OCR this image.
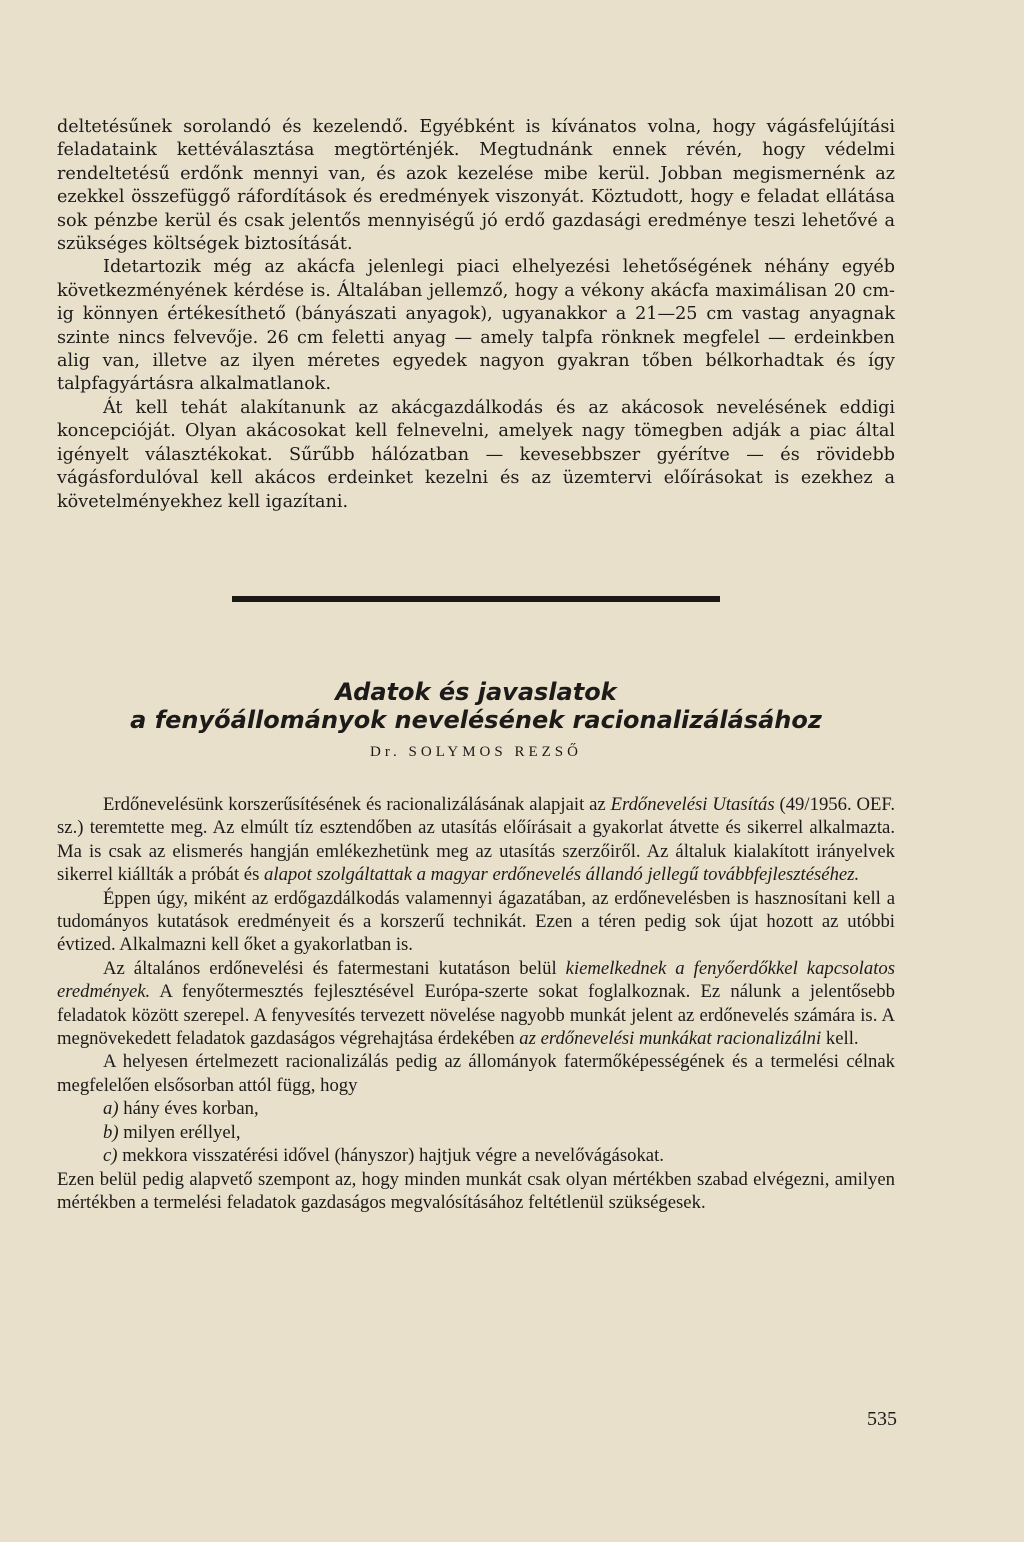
deltetésűnek sorolandó és kezelendő. Egyébként is kívánatos volna, hogy vágásfelújítási feladataink kettéválasztása megtörténjék. Megtudnánk ennek révén, hogy védelmi rendeltetésű erdőnk mennyi van, és azok kezelése mibe kerül. Jobban megismernénk az ezekkel összefüggő ráfordítások és eredmények viszonyát. Köztudott, hogy e feladat ellátása sok pénzbe kerül és csak jelentős mennyiségű jó erdő gazdasági eredménye teszi lehetővé a szükséges költségek biztosítását.

Idetartozik még az akácfa jelenlegi piaci elhelyezési lehetőségének néhány egyéb következményének kérdése is. Általában jellemző, hogy a vékony akácfa maximálisan 20 cm-ig könnyen értékesíthető (bányászati anyagok), ugyanakkor a 21—25 cm vastag anyagnak szinte nincs felvevője. 26 cm feletti anyag — amely talpfa rönknek megfelel — erdeinkben alig van, illetve az ilyen méretes egyedek nagyon gyakran tőben bélkorhadtak és így talpfagyártásra alkalmatlanok.

Át kell tehát alakítanunk az akácgazdálkodás és az akácosok nevelésének eddigi koncepcióját. Olyan akácosokat kell felnevelni, amelyek nagy tömegben adják a piac által igényelt választékokat. Sűrűbb hálózatban — kevesebbszer gyérítve — és rövidebb vágásfordulóval kell akácos erdeinket kezelni és az üzemtervi előírásokat is ezekhez a követelményekhez kell igazítani.

Adatok és javaslatok
a fenyőállományok nevelésének racionalizálásához
Dr. SOLYMOS REZSŐ

Erdőnevelésünk korszerűsítésének és racionalizálásának alapjait az Erdőnevelési Utasítás (49/1956. OEF. sz.) teremtette meg. Az elmúlt tíz esztendőben az utasítás előírásait a gyakorlat átvette és sikerrel alkalmazta. Ma is csak az elismerés hangján emlékezhetünk meg az utasítás szerzőiről. Az általuk kialakított irányelvek sikerrel kiállták a próbát és alapot szolgáltattak a magyar erdőnevelés állandó jellegű továbbfejlesztéséhez.

Éppen úgy, miként az erdőgazdálkodás valamennyi ágazatában, az erdőnevelésben is hasznosítani kell a tudományos kutatások eredményeit és a korszerű technikát. Ezen a téren pedig sok újat hozott az utóbbi évtized. Alkalmazni kell őket a gyakorlatban is.

Az általános erdőnevelési és fatermestani kutatáson belül kiemelkednek a fenyőerdőkkel kapcsolatos eredmények. A fenyőtermesztés fejlesztésével Európa-szerte sokat foglalkoznak. Ez nálunk a jelentősebb feladatok között szerepel. A fenyvesítés tervezett növelése nagyobb munkát jelent az erdőnevelés számára is. A megnövekedett feladatok gazdaságos végrehajtása érdekében az erdőnevelési munkákat racionalizálni kell.

A helyesen értelmezett racionalizálás pedig az állományok fatermőképességének és a termelési célnak megfelelően elsősorban attól függ, hogy

a) hány éves korban,

b) milyen eréllyel,

c) mekkora visszatérési idővel (hányszor) hajtjuk végre a nevelővágásokat.

Ezen belül pedig alapvető szempont az, hogy minden munkát csak olyan mértékben szabad elvégezni, amilyen mértékben a termelési feladatok gazdaságos megvalósításához feltétlenül szükségesek.

535
